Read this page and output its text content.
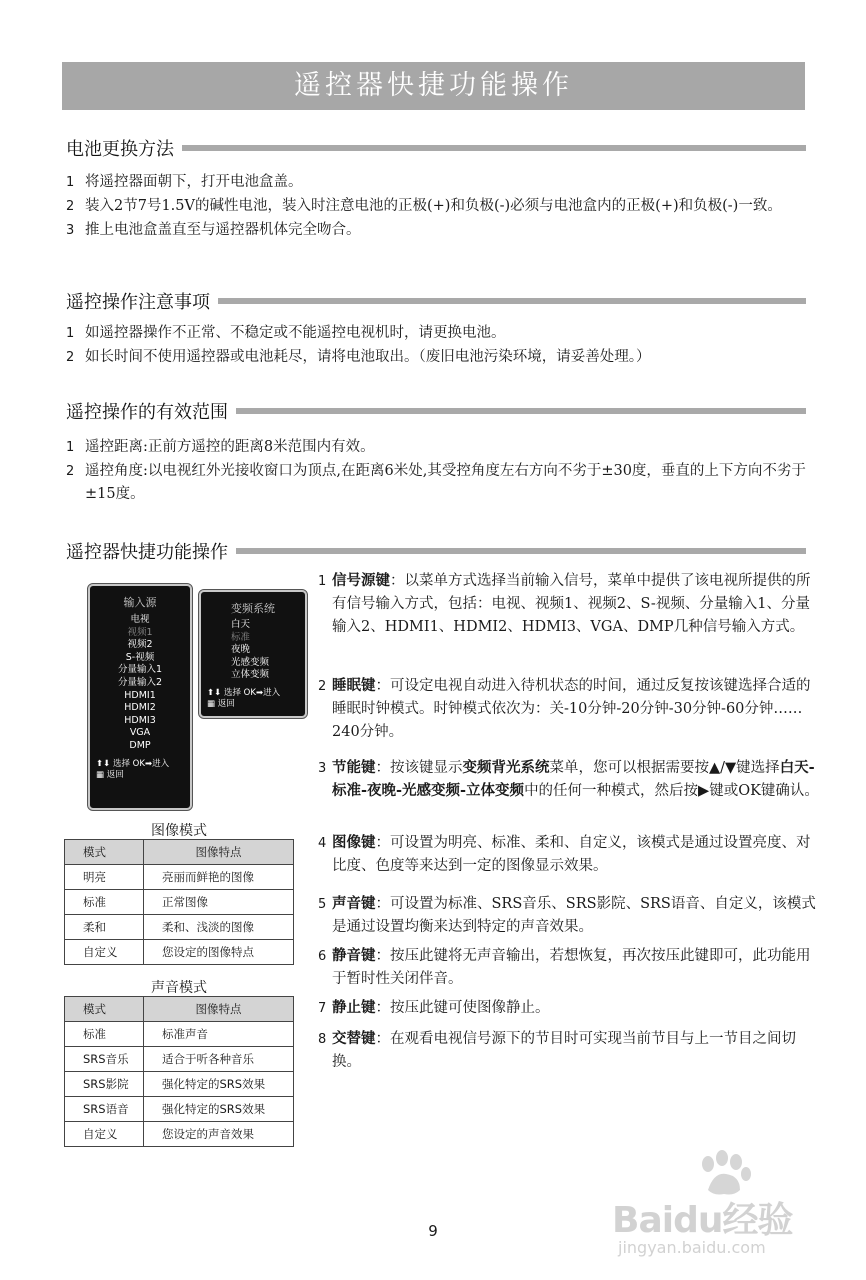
遥控器快捷功能操作
电池更换方法
1 将遥控器面朝下，打开电池盒盖。
2 装入2节7号1.5V的碱性电池，装入时注意电池的正极(+)和负极(-)必须与电池盒内的正极(+)和负极(-)一致。
3 推上电池盒盖直至与遥控器机体完全吻合。
遥控操作注意事项
1 如遥控器操作不正常、不稳定或不能遥控电视机时，请更换电池。
2 如长时间不使用遥控器或电池耗尽，请将电池取出。（废旧电池污染环境，请妥善处理。）
遥控操作的有效范围
1 遥控距离:正前方遥控的距离8米范围内有效。
2 遥控角度:以电视红外光接收窗口为顶点,在距离6米处,其受控角度左右方向不劣于±30度，垂直的上下方向不劣于±15度。
遥控器快捷功能操作
输入源
电视
视频1
视频2
S-视频
分量输入1
分量输入2
HDMI1
HDMI2
HDMI3
VGA
DMP
⬆⬇ 选择 OK➡进入
▦ 返回
变频系统
白天
标准
夜晚
光感变频
立体变频
⬆⬇ 选择 OK➡进入
▦ 返回
图像模式
模式	图像特点
明亮	亮丽而鲜艳的图像
标准	正常图像
柔和	柔和、浅淡的图像
自定义	您设定的图像特点
声音模式
模式	图像特点
标准	标准声音
SRS音乐	适合于听各种音乐
SRS影院	强化特定的SRS效果
SRS语音	强化特定的SRS效果
自定义	您设定的声音效果
1 信号源键：以菜单方式选择当前输入信号，菜单中提供了该电视所提供的所有信号输入方式，包括：电视、视频1、视频2、S-视频、分量输入1、分量输入2、HDMI1、HDMI2、HDMI3、VGA、DMP几种信号输入方式。
2 睡眠键：可设定电视自动进入待机状态的时间，通过反复按该键选择合适的睡眠时钟模式。时钟模式依次为：关-10分钟-20分钟-30分钟-60分钟……240分钟。
3 节能键：按该键显示变频背光系统菜单，您可以根据需要按▲/▼键选择白天-标准-夜晚-光感变频-立体变频中的任何一种模式，然后按▶键或OK键确认。
4 图像键：可设置为明亮、标准、柔和、自定义，该模式是通过设置亮度、对比度、色度等来达到一定的图像显示效果。
5 声音键：可设置为标准、SRS音乐、SRS影院、SRS语音、自定义，该模式是通过设置均衡来达到特定的声音效果。
6 静音键：按压此键将无声音输出，若想恢复，再次按压此键即可，此功能用于暂时性关闭伴音。
7 静止键：按压此键可使图像静止。
8 交替键：在观看电视信号源下的节目时可实现当前节目与上一节目之间切换。
Baidu经验
jingyan.baidu.com
9
